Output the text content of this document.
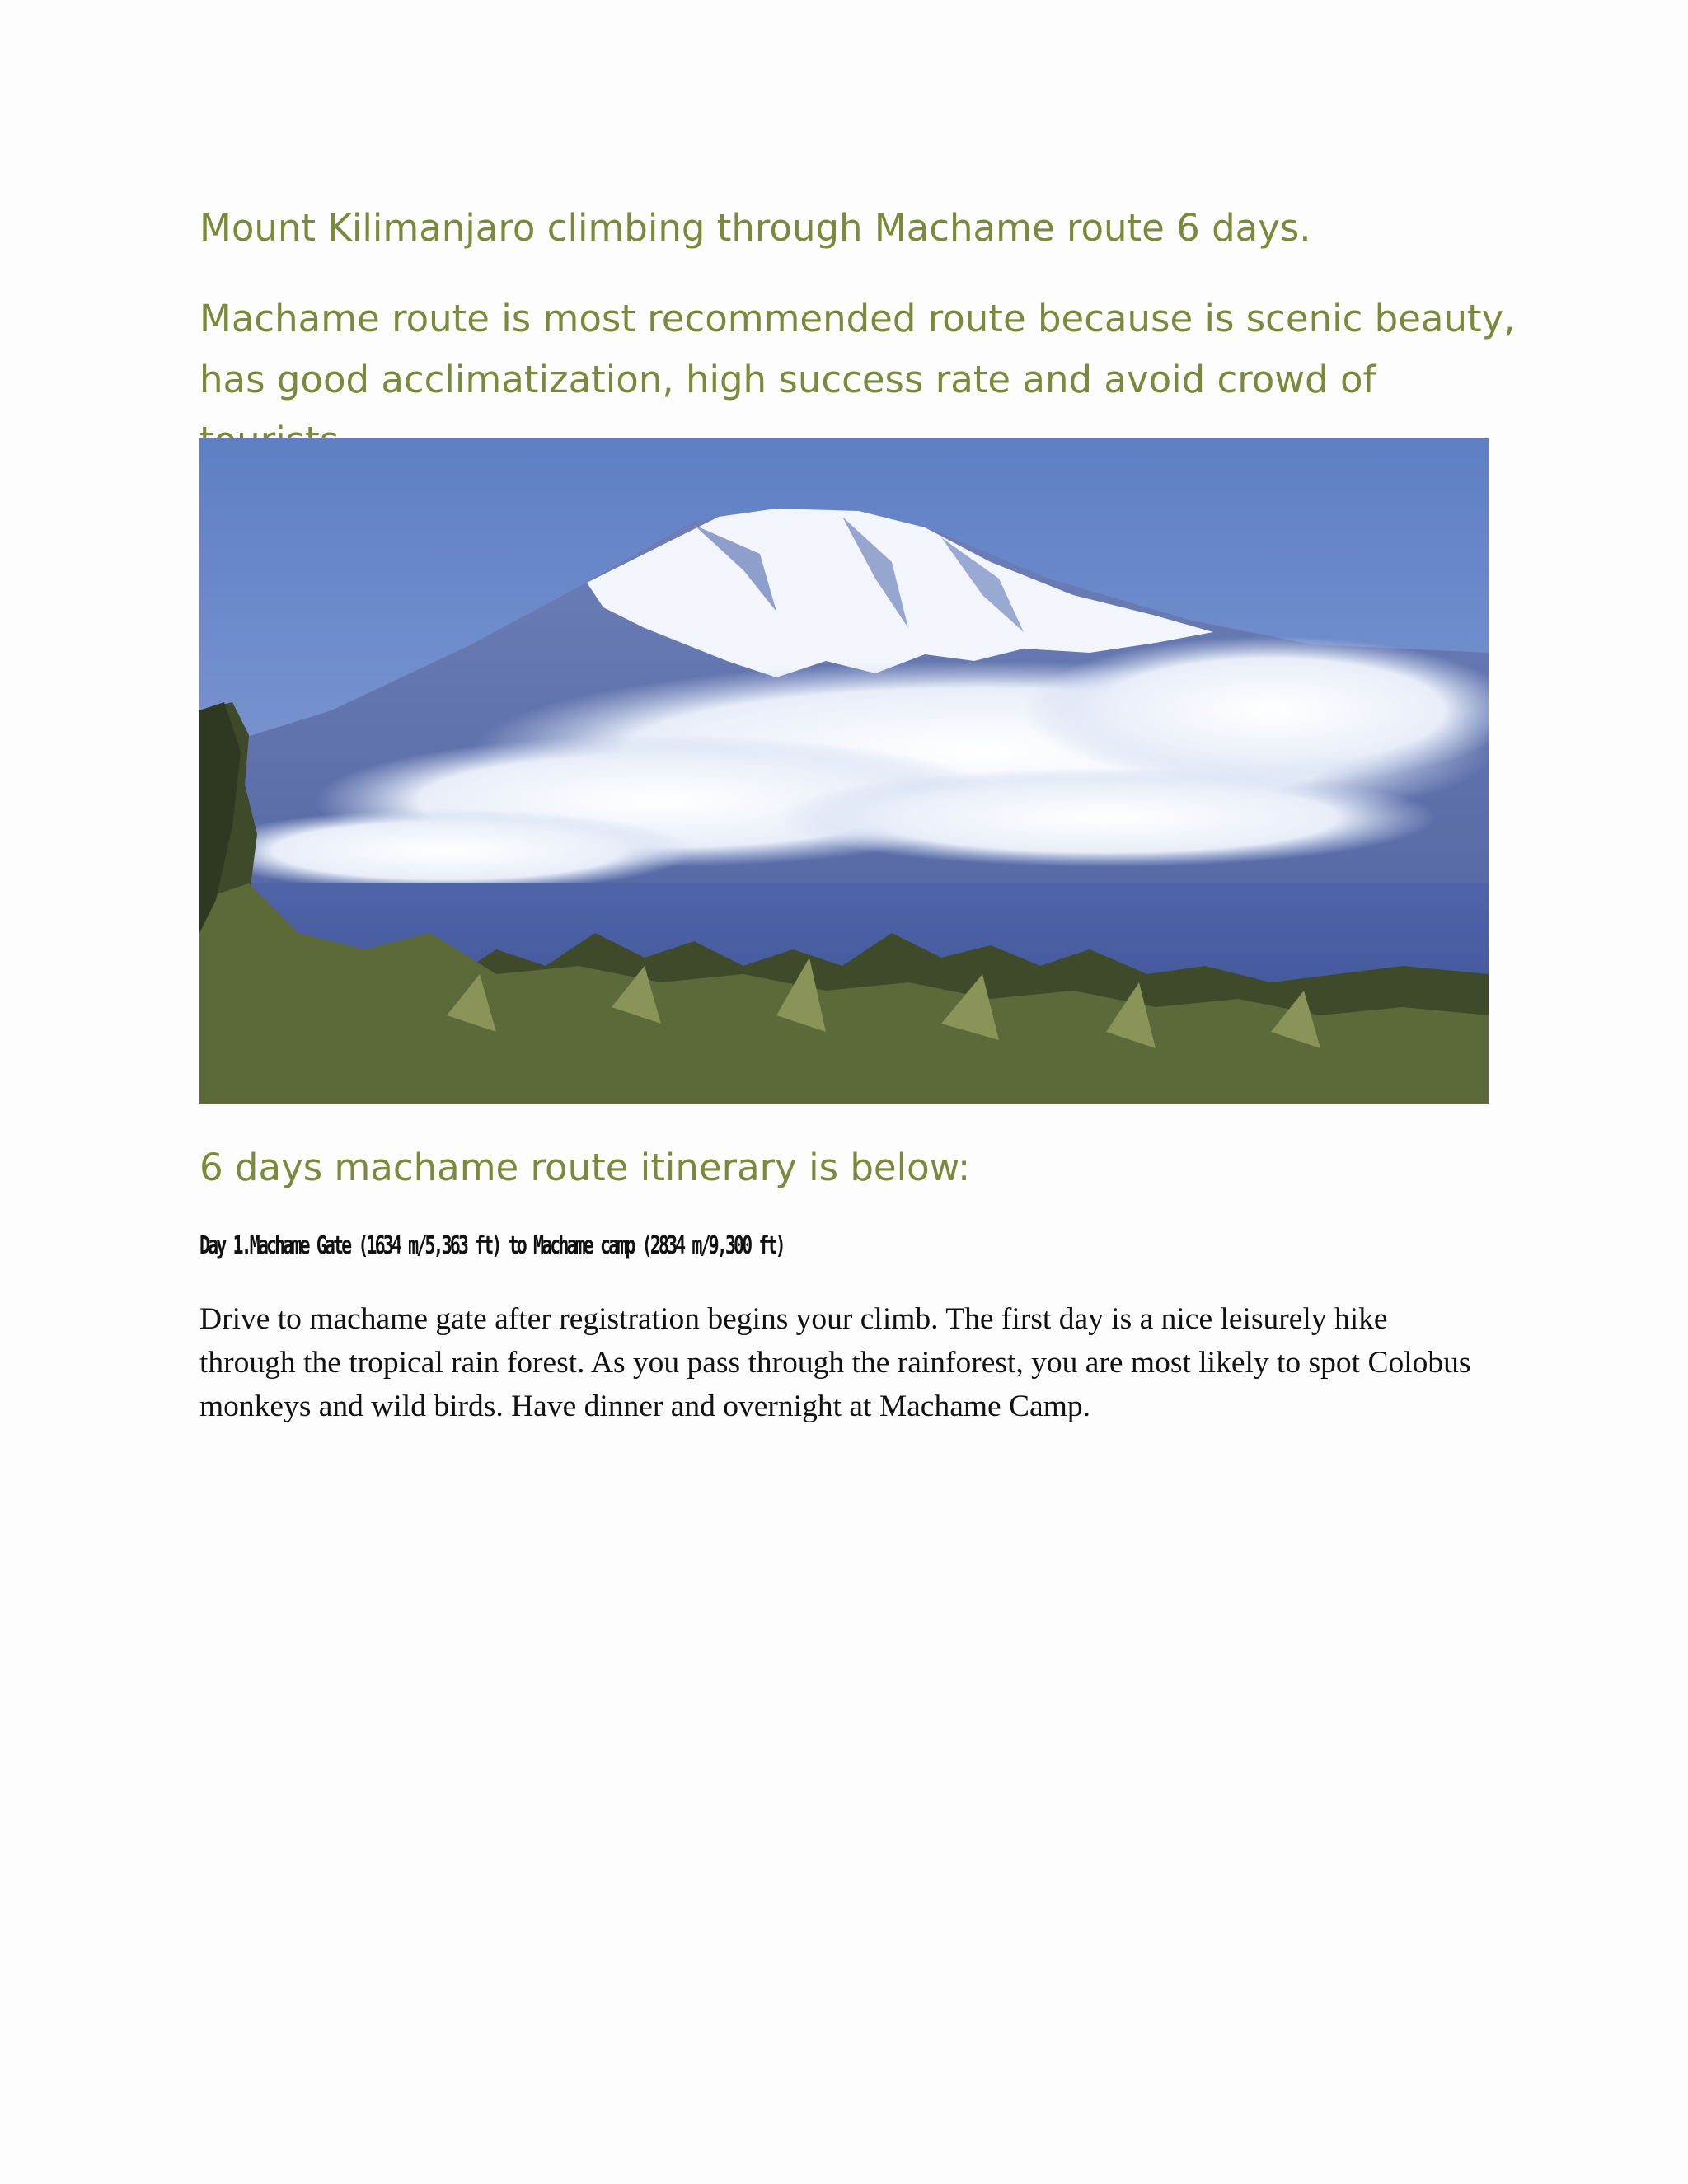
Mount Kilimanjaro climbing through Machame route 6 days.

Machame route is most recommended route because is scenic beauty, has good acclimatization, high success rate and avoid crowd of

6 days machame route itinerary is below:
Day 1.Machame Gate (1634 m/5,363 ft) to Machame camp (2834 m/9,300 ft)

Drive to machame gate after registration begins your climb. The first day is a nice leisurely hike through the tropical rain forest. As you pass through the rainforest, you are most likely to spot Colobus monkeys and wild birds. Have dinner and overnight at Machame Camp.
